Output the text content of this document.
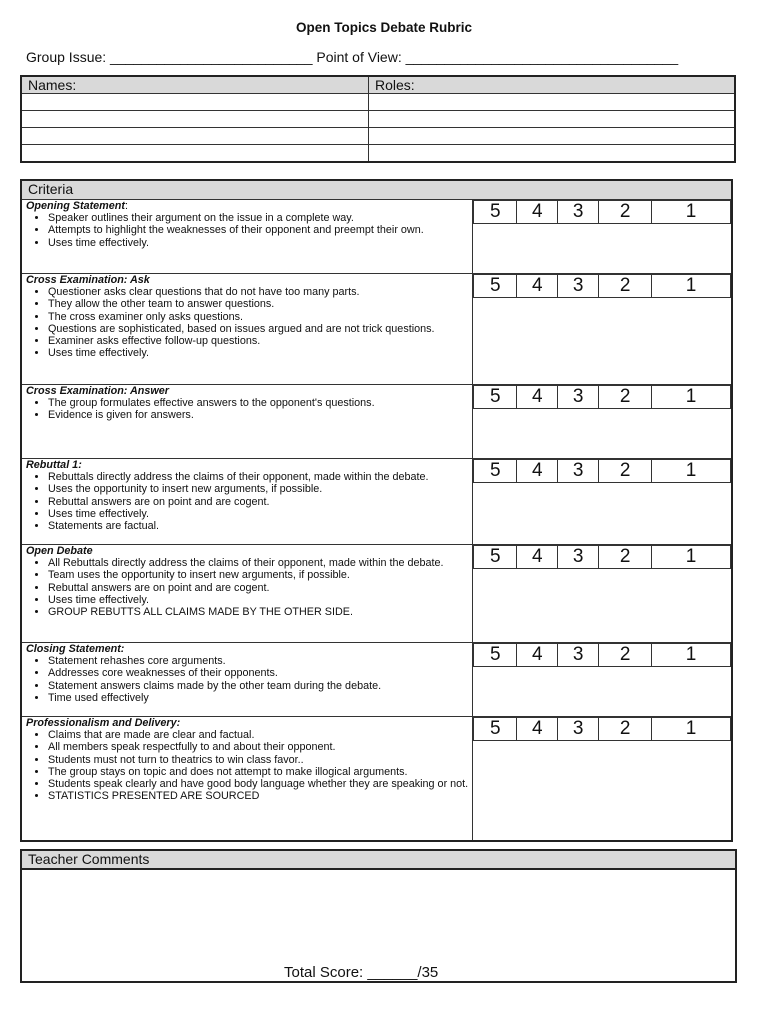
Open Topics Debate Rubric
Group Issue: __________________________ Point of View: ___________________________________
Names:	Roles:

Criteria
Opening Statement:
• Speaker outlines their argument on the issue in a complete way.
• Attempts to highlight the weaknesses of their opponent and preempt their own.
• Uses time effectively.

5	4	3	2	1

Cross Examination: Ask
• Questioner asks clear questions that do not have too many parts.
• They allow the other team to answer questions.
• The cross examiner only asks questions.
• Questions are sophisticated, based on issues argued and are not trick questions.
• Examiner asks effective follow-up questions.
• Uses time effectively.

5	4	3	2	1

Cross Examination: Answer
• The group formulates effective answers to the opponent's questions.
• Evidence is given for answers.

5	4	3	2	1

Rebuttal 1:
• Rebuttals directly address the claims of their opponent, made within the debate.
• Uses the opportunity to insert new arguments, if possible.
• Rebuttal answers are on point and are cogent.
• Uses time effectively.
• Statements are factual.

5	4	3	2	1

Open Debate
• All Rebuttals directly address the claims of their opponent, made within the debate.
• Team uses the opportunity to insert new arguments, if possible.
• Rebuttal answers are on point and are cogent.
• Uses time effectively.
• GROUP REBUTTS ALL CLAIMS MADE BY THE OTHER SIDE.

5	4	3	2	1

Closing Statement:
• Statement rehashes core arguments.
• Addresses core weaknesses of their opponents.
• Statement answers claims made by the other team during the debate.
• Time used effectively

5	4	3	2	1

Professionalism and Delivery:
• Claims that are made are clear and factual.
• All members speak respectfully to and about their opponent.
• Students must not turn to theatrics to win class favor..
• The group stays on topic and does not attempt to make illogical arguments.
• Students speak clearly and have good body language whether they are speaking or not.
• STATISTICS PRESENTED ARE SOURCED

5	4	3	2	1
Teacher Comments
Total Score: ______/35
